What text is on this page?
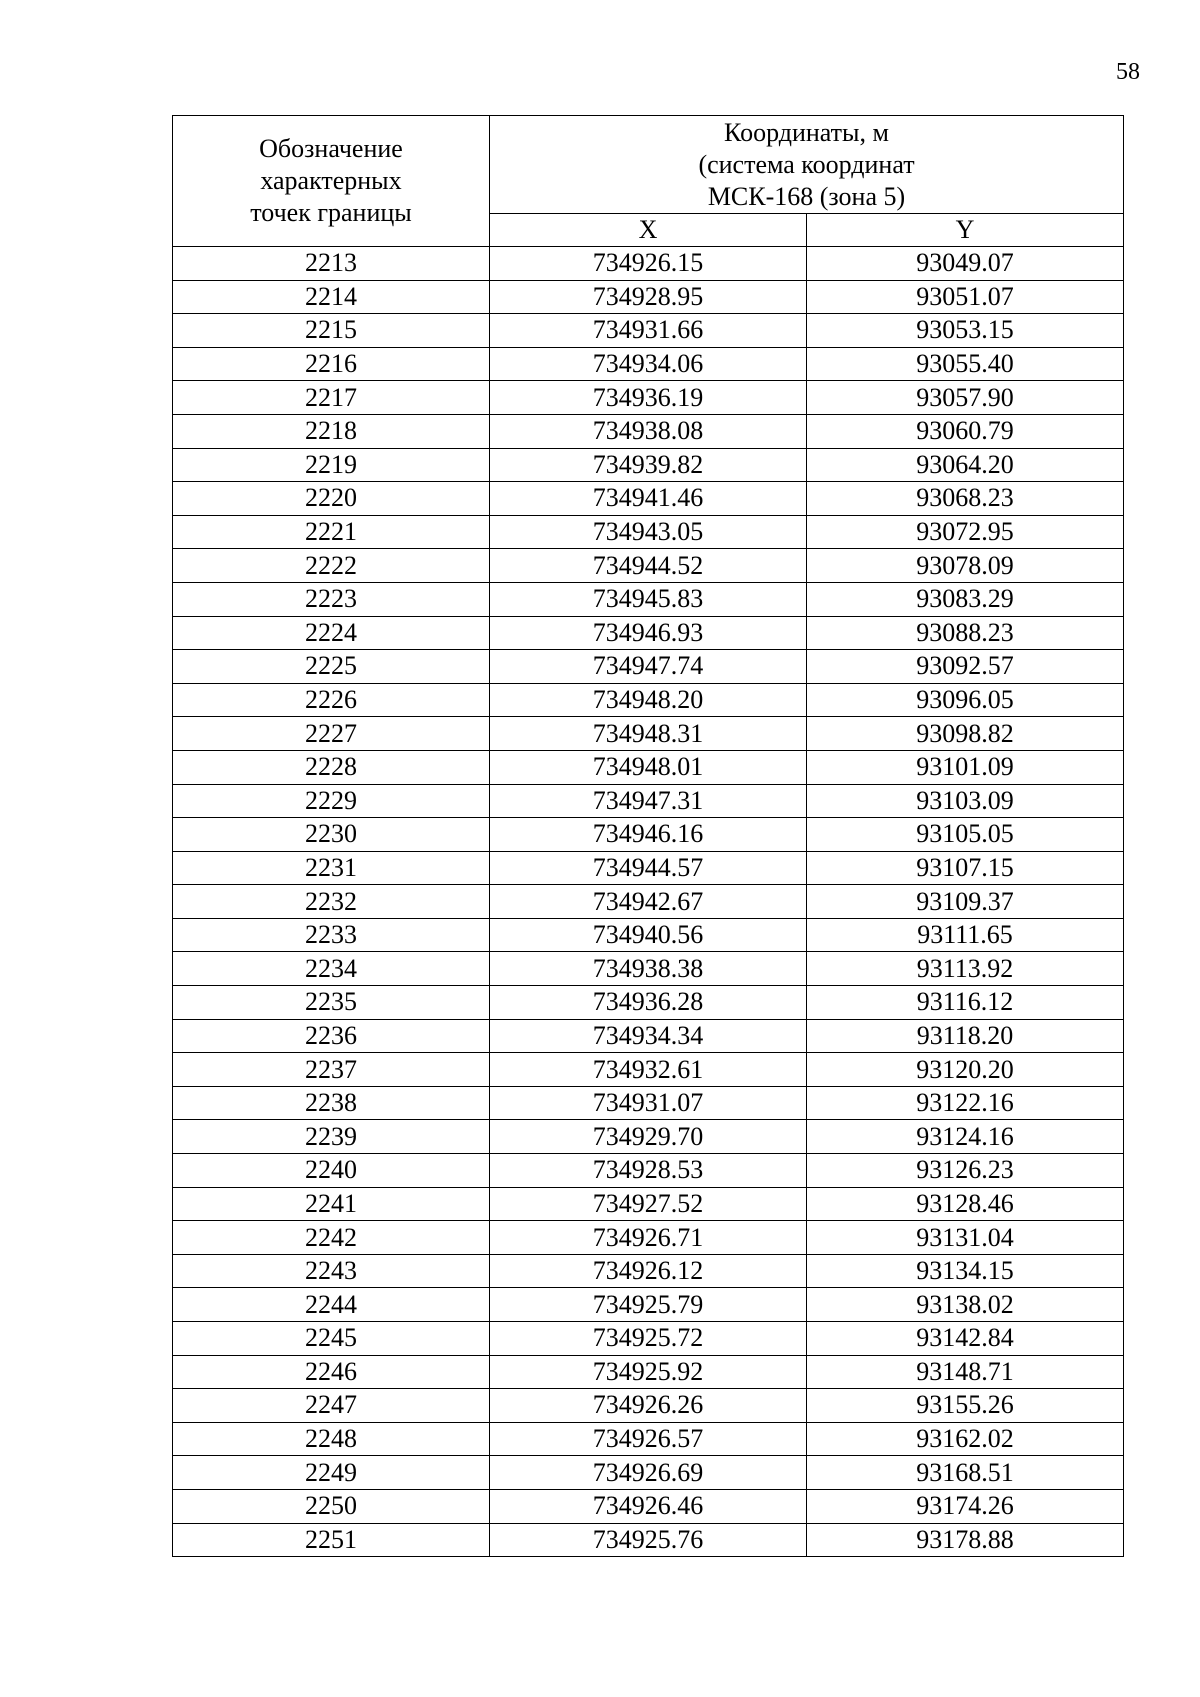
58
Обозначение
характерных
точек границы	Координаты, м
(система координат
МСК-168 (зона 5)	
	X	Y
2213	734926.15	93049.07
2214	734928.95	93051.07
2215	734931.66	93053.15
2216	734934.06	93055.40
2217	734936.19	93057.90
2218	734938.08	93060.79
2219	734939.82	93064.20
2220	734941.46	93068.23
2221	734943.05	93072.95
2222	734944.52	93078.09
2223	734945.83	93083.29
2224	734946.93	93088.23
2225	734947.74	93092.57
2226	734948.20	93096.05
2227	734948.31	93098.82
2228	734948.01	93101.09
2229	734947.31	93103.09
2230	734946.16	93105.05
2231	734944.57	93107.15
2232	734942.67	93109.37
2233	734940.56	93111.65
2234	734938.38	93113.92
2235	734936.28	93116.12
2236	734934.34	93118.20
2237	734932.61	93120.20
2238	734931.07	93122.16
2239	734929.70	93124.16
2240	734928.53	93126.23
2241	734927.52	93128.46
2242	734926.71	93131.04
2243	734926.12	93134.15
2244	734925.79	93138.02
2245	734925.72	93142.84
2246	734925.92	93148.71
2247	734926.26	93155.26
2248	734926.57	93162.02
2249	734926.69	93168.51
2250	734926.46	93174.26
2251	734925.76	93178.88
